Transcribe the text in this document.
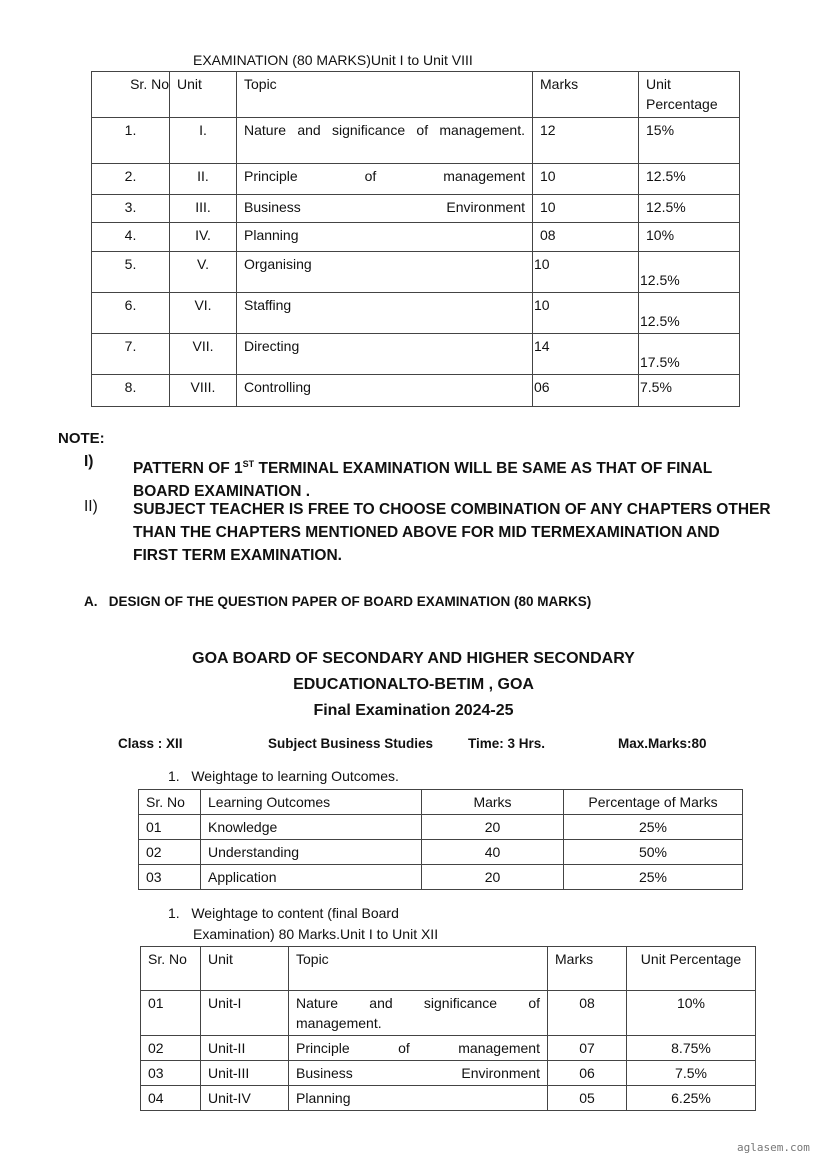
EXAMINATION (80 MARKS)Unit I to Unit VIII
Sr. No	Unit	Topic	Marks	Unit Percentage
1.	I.	Nature and significance of management.	12	15%
2.	II.	Principle of management	10	12.5%
3.	III.	Business Environment	10	12.5%
4.	IV.	Planning	08	10%
5.	V.	Organising	10	12.5%
6.	VI.	Staffing	10	12.5%
7.	VII.	Directing	14	17.5%
8.	VIII.	Controlling	06	7.5%
NOTE:
I)	PATTERN OF 1ST TERMINAL EXAMINATION WILL BE SAME AS THAT OF FINAL
BOARD EXAMINATION .
II) SUBJECT TEACHER IS FREE TO CHOOSE COMBINATION OF ANY CHAPTERS OTHER
THAN THE CHAPTERS MENTIONED ABOVE FOR MID TERMEXAMINATION AND
FIRST TERM EXAMINATION.
A.   DESIGN OF THE QUESTION PAPER OF BOARD EXAMINATION (80 MARKS)
GOA BOARD OF SECONDARY AND HIGHER SECONDARY
EDUCATIONALTO-BETIM , GOA
Final Examination 2024-25
Class : XII	Subject Business Studies	Time: 3 Hrs.	Max.Marks:80
1.   Weightage to learning Outcomes.
Sr. No	Learning Outcomes	Marks	Percentage of Marks
01	Knowledge	20	25%
02	Understanding	40	50%
03	Application	20	25%
1.   Weightage to content (final Board
Examination) 80 Marks.Unit I to Unit XII
Sr. No	Unit	Topic	Marks	Unit Percentage
01	Unit-I	Nature and significance of management.	08	10%
02	Unit-II	Principle of management	07	8.75%
03	Unit-III	Business Environment	06	7.5%
04	Unit-IV	Planning	05	6.25%
aglasem.com
